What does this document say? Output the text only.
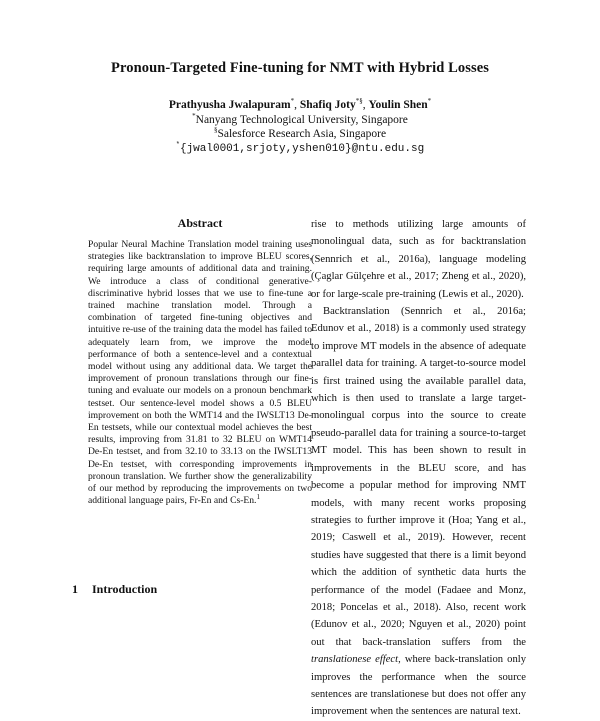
Pronoun-Targeted Fine-tuning for NMT with Hybrid Losses
Prathyusha Jwalapuram*, Shafiq Joty*§, Youlin Shen*
*Nanyang Technological University, Singapore
§Salesforce Research Asia, Singapore
*{jwal0001,srjoty,yshen010}@ntu.edu.sg
Abstract
Popular Neural Machine Translation model training uses strategies like backtranslation to improve BLEU scores, requiring large amounts of additional data and training. We introduce a class of conditional generative-discriminative hybrid losses that we use to fine-tune a trained machine translation model. Through a combination of targeted fine-tuning objectives and intuitive re-use of the training data the model has failed to adequately learn from, we improve the model performance of both a sentence-level and a contextual model without using any additional data. We target the improvement of pronoun translations through our fine-tuning and evaluate our models on a pronoun benchmark testset. Our sentence-level model shows a 0.5 BLEU improvement on both the WMT14 and the IWSLT13 De-En testsets, while our contextual model achieves the best results, improving from 31.81 to 32 BLEU on WMT14 De-En testset, and from 32.10 to 33.13 on the IWSLT13 De-En testset, with corresponding improvements in pronoun translation. We further show the generalizability of our method by reproducing the improvements on two additional language pairs, Fr-En and Cs-En.$^1$

rise to methods utilizing large amounts of monolingual data, such as for backtranslation (Sennrich et al., 2016a), language modeling (Çaglar Gülçehre et al., 2017; Zheng et al., 2020), or for large-scale pre-training (Lewis et al., 2020).

Backtranslation (Sennrich et al., 2016a; Edunov et al., 2018) is a commonly used strategy to improve MT models in the absence of adequate parallel data for training. A target-to-source model is first trained using the available parallel data, which is then used to translate a large target-monolingual corpus into the source to create pseudo-parallel data for training a source-to-target MT model. This has been shown to result in improvements in the BLEU score, and has become a popular method for improving NMT models, with many recent works proposing strategies to further improve it (Hoa; Yang et al., 2019; Caswell et al., 2019). However, recent studies have suggested that there is a limit beyond which the addition of synthetic data hurts the performance of the model (Fadaee and Monz, 2018; Poncelas et al., 2018). Also, recent work (Edunov et al., 2020; Nguyen et al., 2020) point out that back-translation suffers from the translationese effect, where back-translation only improves the performance when the source sentences are translationese but does not offer any improvement when the sentences are natural text.

1 Introduction
